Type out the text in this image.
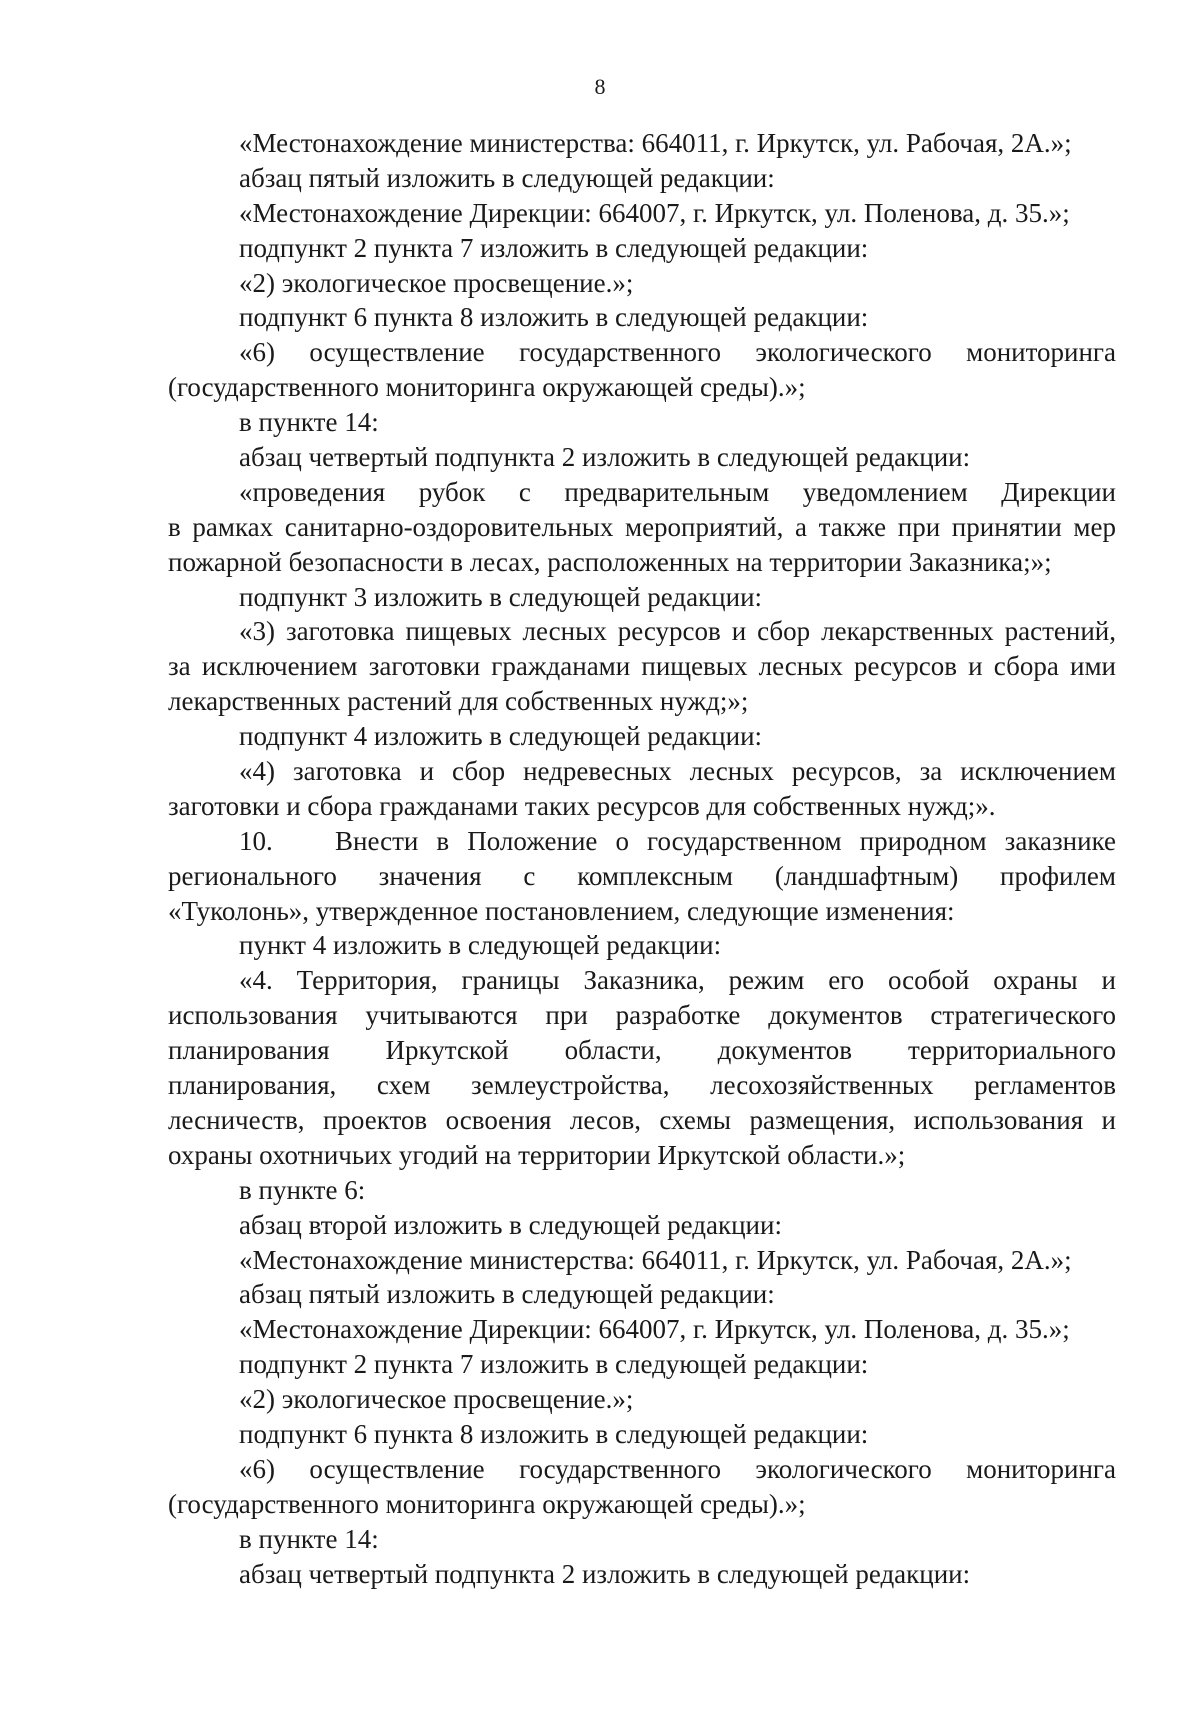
8
«Местонахождение министерства: 664011, г. Иркутск, ул. Рабочая, 2А.»;
абзац пятый изложить в следующей редакции:
«Местонахождение Дирекции: 664007, г. Иркутск, ул. Поленова, д. 35.»;
подпункт 2 пункта 7 изложить в следующей редакции:
«2) экологическое просвещение.»;
подпункт 6 пункта 8 изложить в следующей редакции:
«6) осуществление государственного экологического мониторинга
(государственного мониторинга окружающей среды).»;
в пункте 14:
абзац четвертый подпункта 2 изложить в следующей редакции:
«проведения рубок с предварительным уведомлением Дирекции
в рамках санитарно-оздоровительных мероприятий, а также при принятии мер
пожарной безопасности в лесах, расположенных на территории Заказника;»;
подпункт 3 изложить в следующей редакции:
«3) заготовка пищевых лесных ресурсов и сбор лекарственных растений,
за исключением заготовки гражданами пищевых лесных ресурсов и сбора ими
лекарственных растений для собственных нужд;»;
подпункт 4 изложить в следующей редакции:
«4) заготовка и сбор недревесных лесных ресурсов, за исключением
заготовки и сбора гражданами таких ресурсов для собственных нужд;».
10.	Внести в Положение о государственном природном заказнике
регионального значения с комплексным (ландшафтным) профилем
«Туколонь», утвержденное постановлением, следующие изменения:
пункт 4 изложить в следующей редакции:
«4. Территория, границы Заказника, режим его особой охраны и
использования учитываются при разработке документов стратегического
планирования Иркутской области, документов территориального
планирования, схем землеустройства, лесохозяйственных регламентов
лесничеств, проектов освоения лесов, схемы размещения, использования и
охраны охотничьих угодий на территории Иркутской области.»;
в пункте 6:
абзац второй изложить в следующей редакции:
«Местонахождение министерства: 664011, г. Иркутск, ул. Рабочая, 2А.»;
абзац пятый изложить в следующей редакции:
«Местонахождение Дирекции: 664007, г. Иркутск, ул. Поленова, д. 35.»;
подпункт 2 пункта 7 изложить в следующей редакции:
«2) экологическое просвещение.»;
подпункт 6 пункта 8 изложить в следующей редакции:
«6) осуществление государственного экологического мониторинга
(государственного мониторинга окружающей среды).»;
в пункте 14:
абзац четвертый подпункта 2 изложить в следующей редакции:
